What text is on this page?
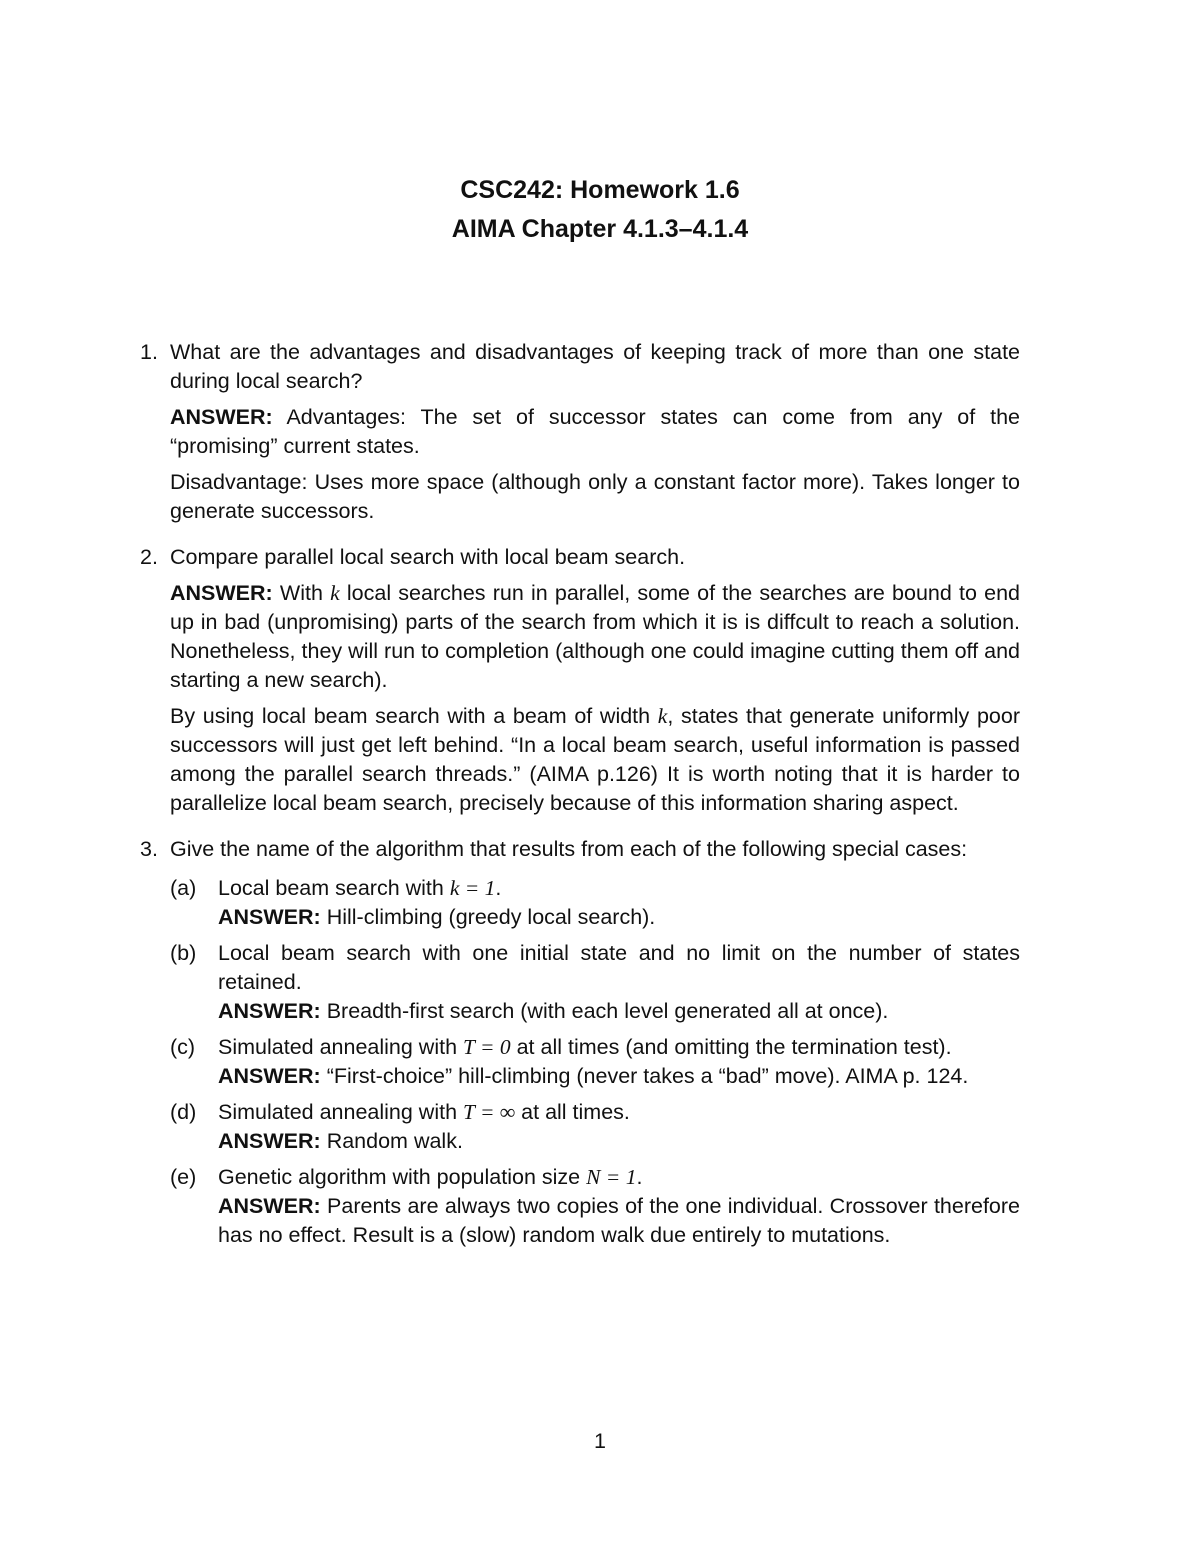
CSC242: Homework 1.6
AIMA Chapter 4.1.3–4.1.4
1. What are the advantages and disadvantages of keeping track of more than one state during local search?

ANSWER: Advantages: The set of successor states can come from any of the “promising” current states.

Disadvantage: Uses more space (although only a constant factor more). Takes longer to generate successors.

2. Compare parallel local search with local beam search.

ANSWER: With k local searches run in parallel, some of the searches are bound to end up in bad (unpromising) parts of the search from which it is is diffcult to reach a solution. Nonetheless, they will run to completion (although one could imagine cutting them off and starting a new search).

By using local beam search with a beam of width k, states that generate uniformly poor successors will just get left behind. “In a local beam search, useful information is passed among the parallel search threads.” (AIMA p.126) It is worth noting that it is harder to parallelize local beam search, precisely because of this information sharing aspect.

3. Give the name of the algorithm that results from each of the following special cases:

(a)	Local beam search with k = 1.

ANSWER: Hill-climbing (greedy local search).

(b)	Local beam search with one initial state and no limit on the number of states retained.

ANSWER: Breadth-first search (with each level generated all at once).

(c)	Simulated annealing with T = 0 at all times (and omitting the termination test).

ANSWER: “First-choice” hill-climbing (never takes a “bad” move). AIMA p. 124.

(d)	Simulated annealing with T = ∞ at all times.

ANSWER: Random walk.

(e)	Genetic algorithm with population size N = 1.

ANSWER: Parents are always two copies of the one individual. Crossover therefore has no effect. Result is a (slow) random walk due entirely to mutations.

1
